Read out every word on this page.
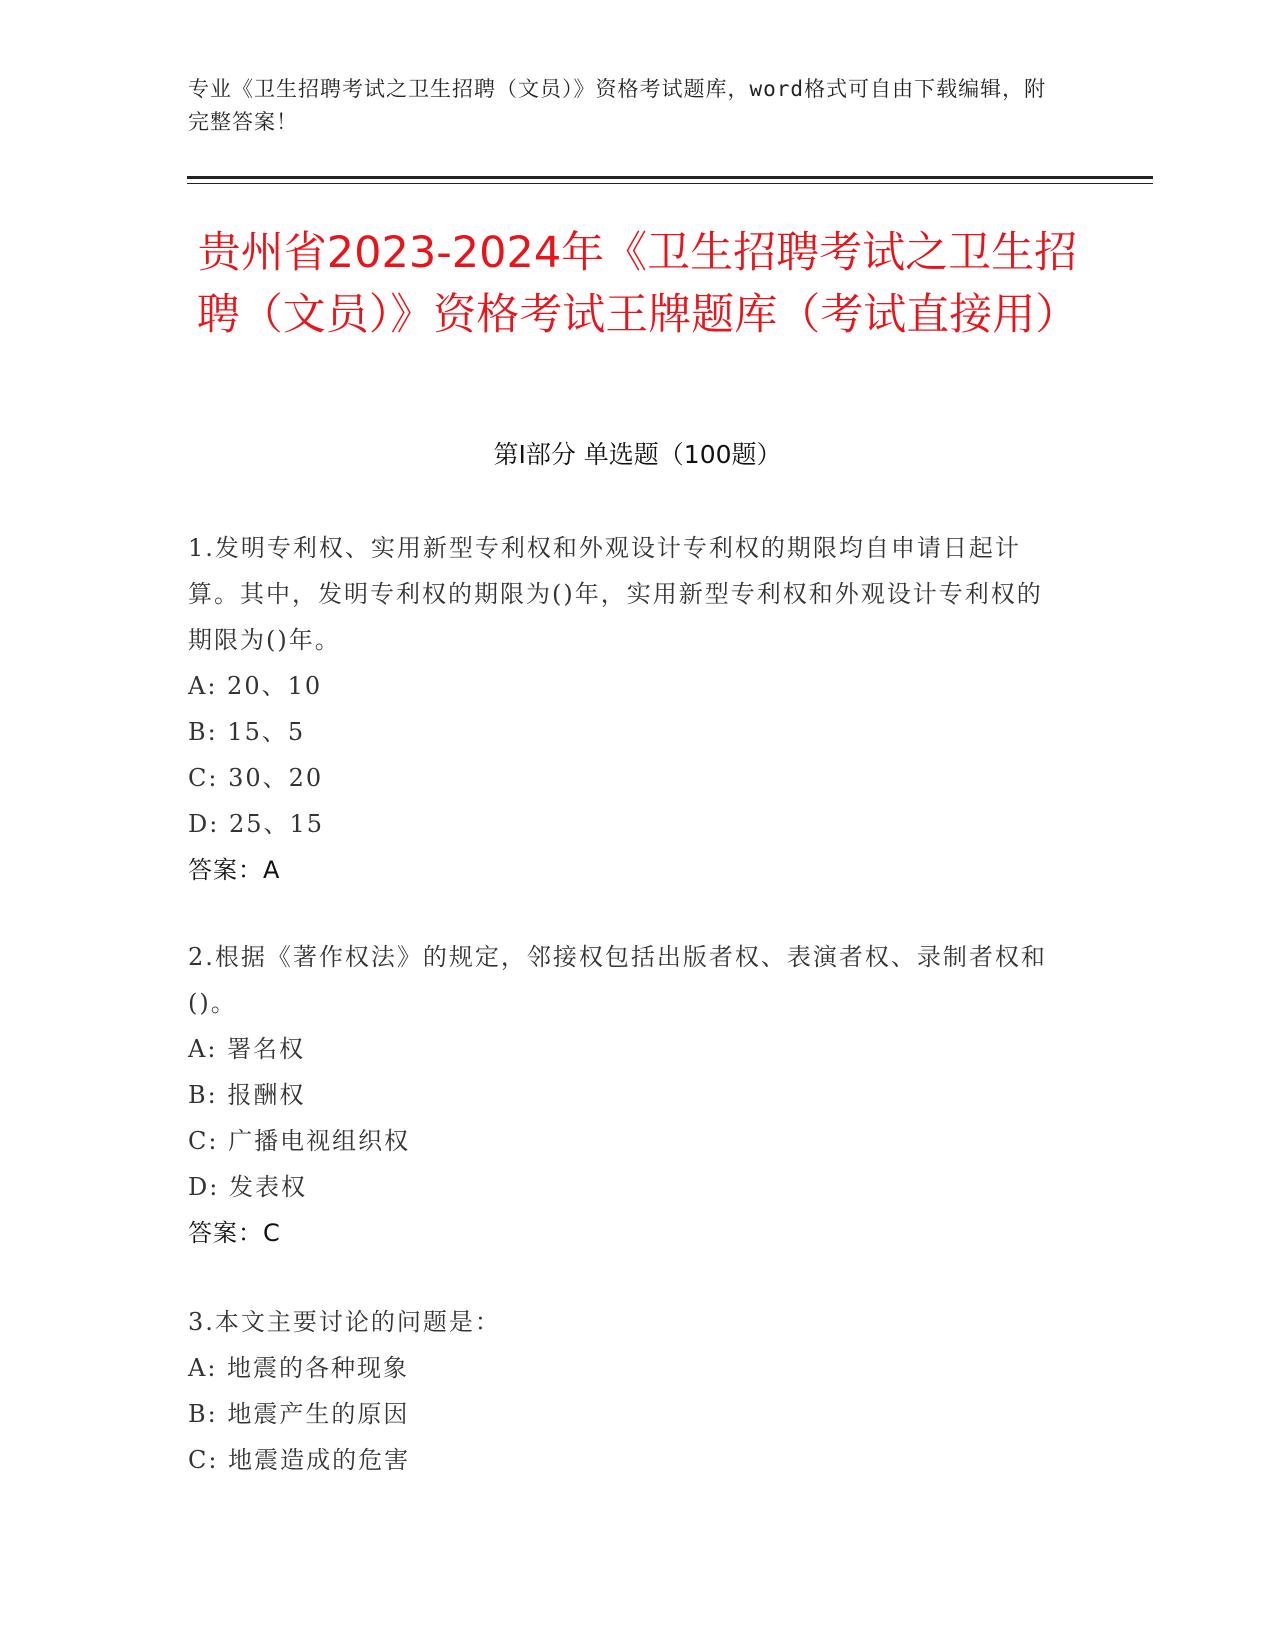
专业《卫生招聘考试之卫生招聘（文员）》资格考试题库，word格式可自由下载编辑，附完整答案！
贵州省2023-2024年《卫生招聘考试之卫生招聘（文员）》资格考试王牌题库（考试直接用）
第I部分 单选题（100题）
1.发明专利权、实用新型专利权和外观设计专利权的期限均自申请日起计算。其中，发明专利权的期限为()年，实用新型专利权和外观设计专利权的期限为()年。
A: 20、10
B: 15、5
C: 30、20
D: 25、15
答案：A
2.根据《著作权法》的规定，邻接权包括出版者权、表演者权、录制者权和()。
A: 署名权
B: 报酬权
C: 广播电视组织权
D: 发表权
答案：C
3.本文主要讨论的问题是：
A: 地震的各种现象
B: 地震产生的原因
C: 地震造成的危害
